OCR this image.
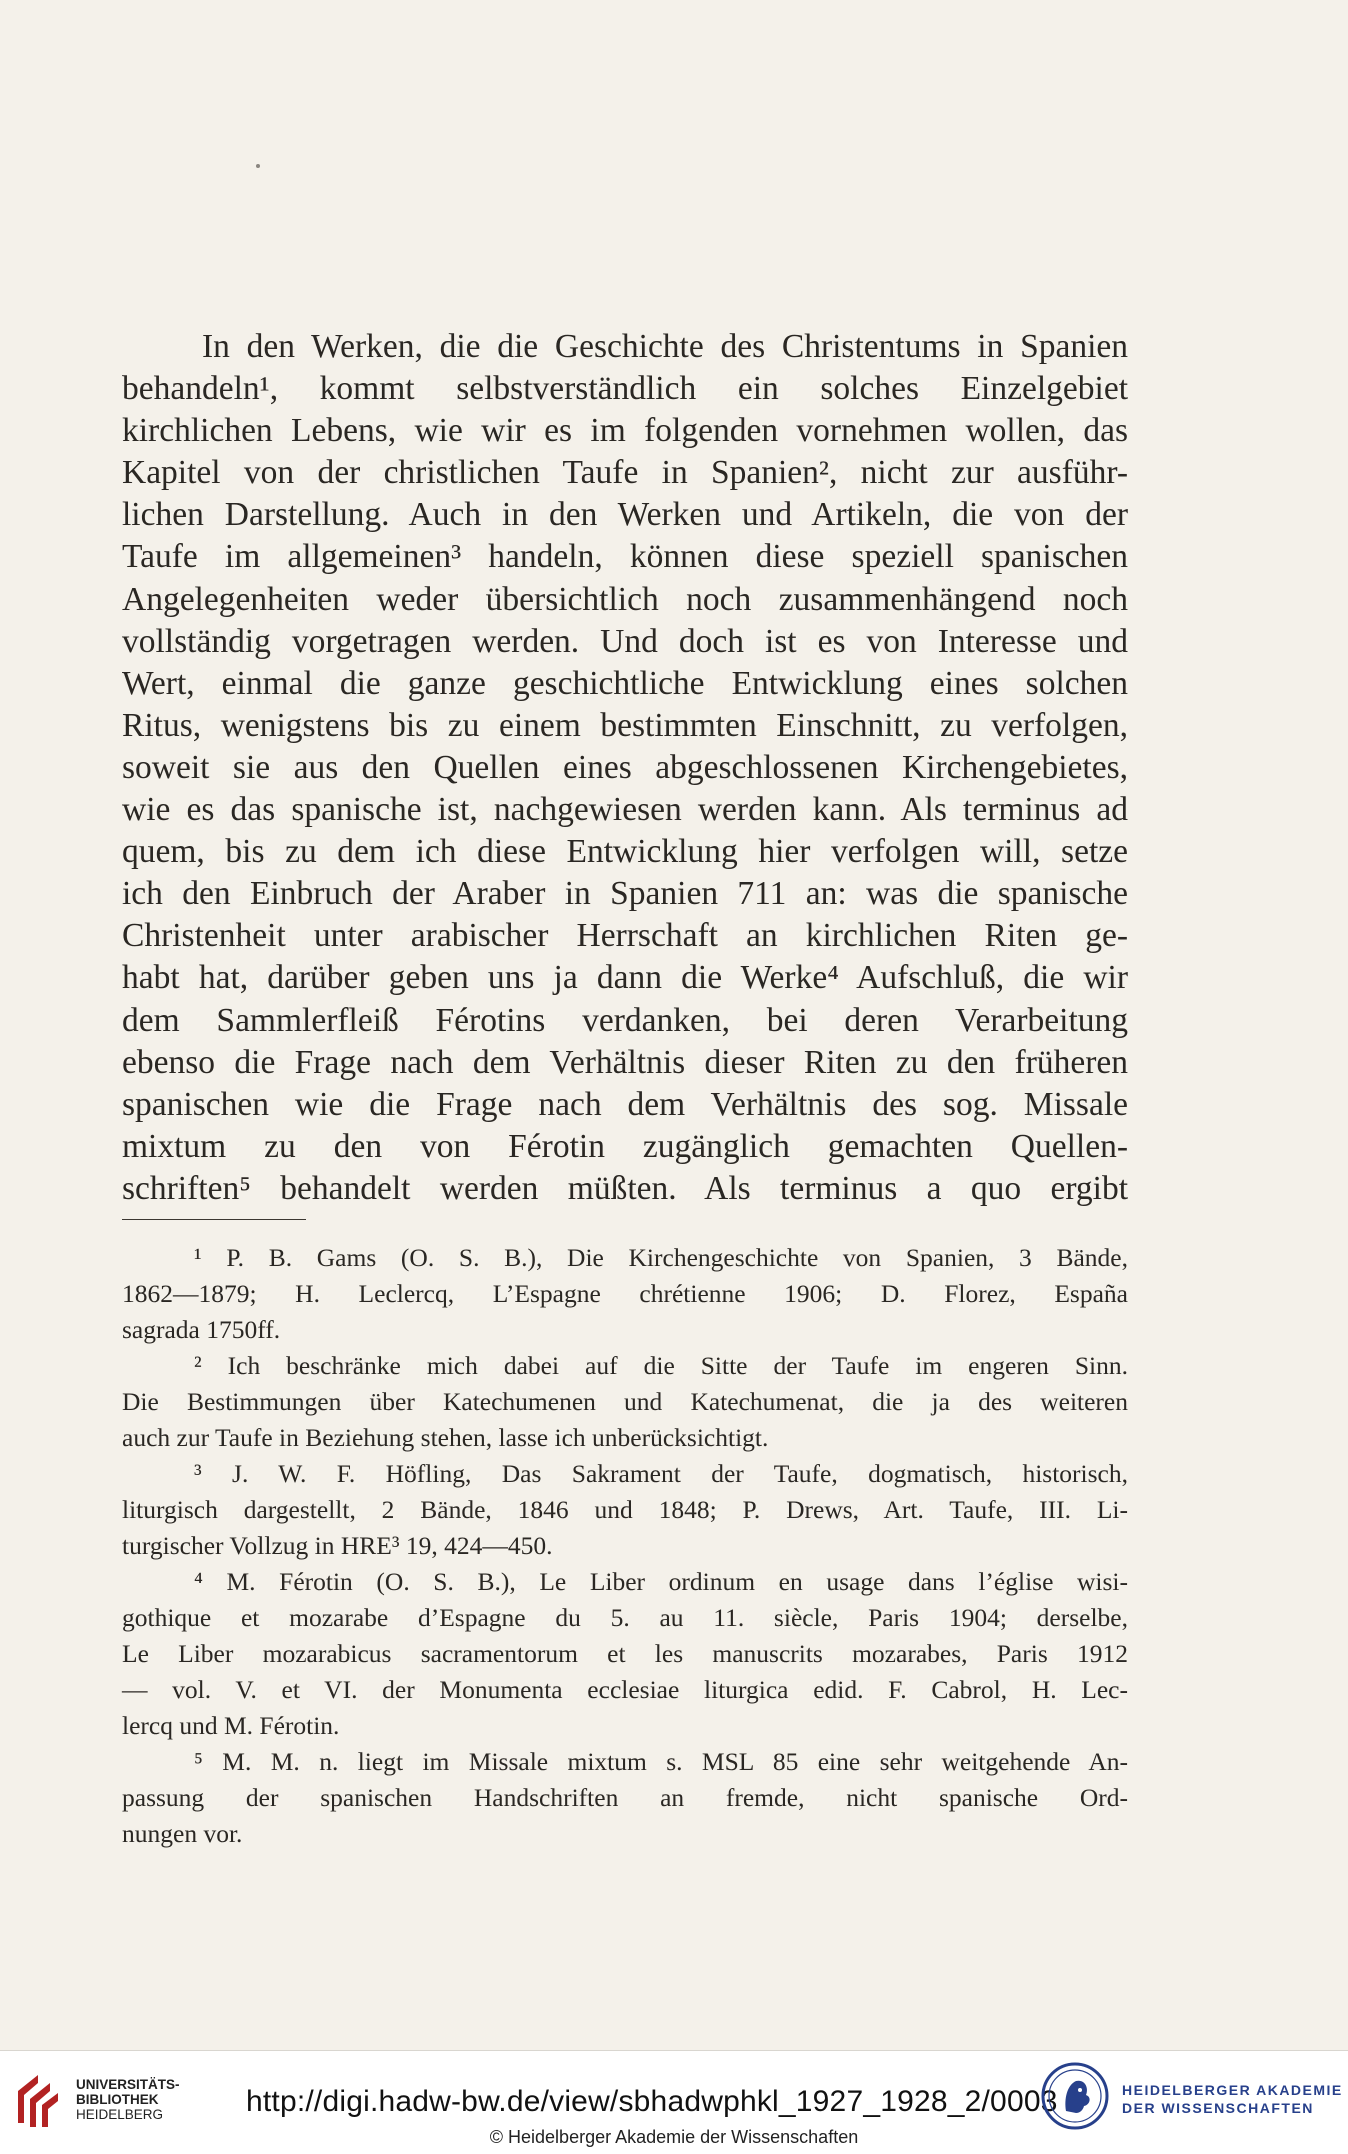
In den Werken, die die Geschichte des Christentums in Spanien
behandeln¹, kommt selbstverständlich ein solches Einzelgebiet
kirchlichen Lebens, wie wir es im folgenden vornehmen wollen, das
Kapitel von der christlichen Taufe in Spanien², nicht zur ausführ-
lichen Darstellung. Auch in den Werken und Artikeln, die von der
Taufe im allgemeinen³ handeln, können diese speziell spanischen
Angelegenheiten weder übersichtlich noch zusammenhängend noch
vollständig vorgetragen werden. Und doch ist es von Interesse und
Wert, einmal die ganze geschichtliche Entwicklung eines solchen
Ritus, wenigstens bis zu einem bestimmten Einschnitt, zu verfolgen,
soweit sie aus den Quellen eines abgeschlossenen Kirchengebietes,
wie es das spanische ist, nachgewiesen werden kann. Als terminus ad
quem, bis zu dem ich diese Entwicklung hier verfolgen will, setze
ich den Einbruch der Araber in Spanien 711 an: was die spanische
Christenheit unter arabischer Herrschaft an kirchlichen Riten ge-
habt hat, darüber geben uns ja dann die Werke⁴ Aufschluß, die wir
dem Sammlerfleiß Férotins verdanken, bei deren Verarbeitung
ebenso die Frage nach dem Verhältnis dieser Riten zu den früheren
spanischen wie die Frage nach dem Verhältnis des sog. Missale
mixtum zu den von Férotin zugänglich gemachten Quellen-
schriften⁵ behandelt werden müßten. Als terminus a quo ergibt
¹ P. B. Gams (O. S. B.), Die Kirchengeschichte von Spanien, 3 Bände,
1862—1879; H. Leclercq, L’Espagne chrétienne 1906; D. Florez, España
sagrada 1750ff.
² Ich beschränke mich dabei auf die Sitte der Taufe im engeren Sinn.
Die Bestimmungen über Katechumenen und Katechumenat, die ja des weiteren
auch zur Taufe in Beziehung stehen, lasse ich unberücksichtigt.
³ J. W. F. Höfling, Das Sakrament der Taufe, dogmatisch, historisch,
liturgisch dargestellt, 2 Bände, 1846 und 1848; P. Drews, Art. Taufe, III. Li-
turgischer Vollzug in HRE³ 19, 424—450.
⁴ M. Férotin (O. S. B.), Le Liber ordinum en usage dans l’église wisi-
gothique et mozarabe d’Espagne du 5. au 11. siècle, Paris 1904; derselbe,
Le Liber mozarabicus sacramentorum et les manuscrits mozarabes, Paris 1912
— vol. V. et VI. der Monumenta ecclesiae liturgica edid. F. Cabrol, H. Lec-
lercq und M. Férotin.
⁵ M. M. n. liegt im Missale mixtum s. MSL 85 eine sehr weitgehende An-
passung der spanischen Handschriften an fremde, nicht spanische Ord-
nungen vor.
UNIVERSITÄTS-
BIBLIOTHEK
HEIDELBERG	http://digi.hadw-bw.de/view/sbhadwphkl_1927_1928_2/0003
© Heidelberger Akademie der Wissenschaften
HEIDELBERGER AKADEMIE
DER WISSENSCHAFTEN
